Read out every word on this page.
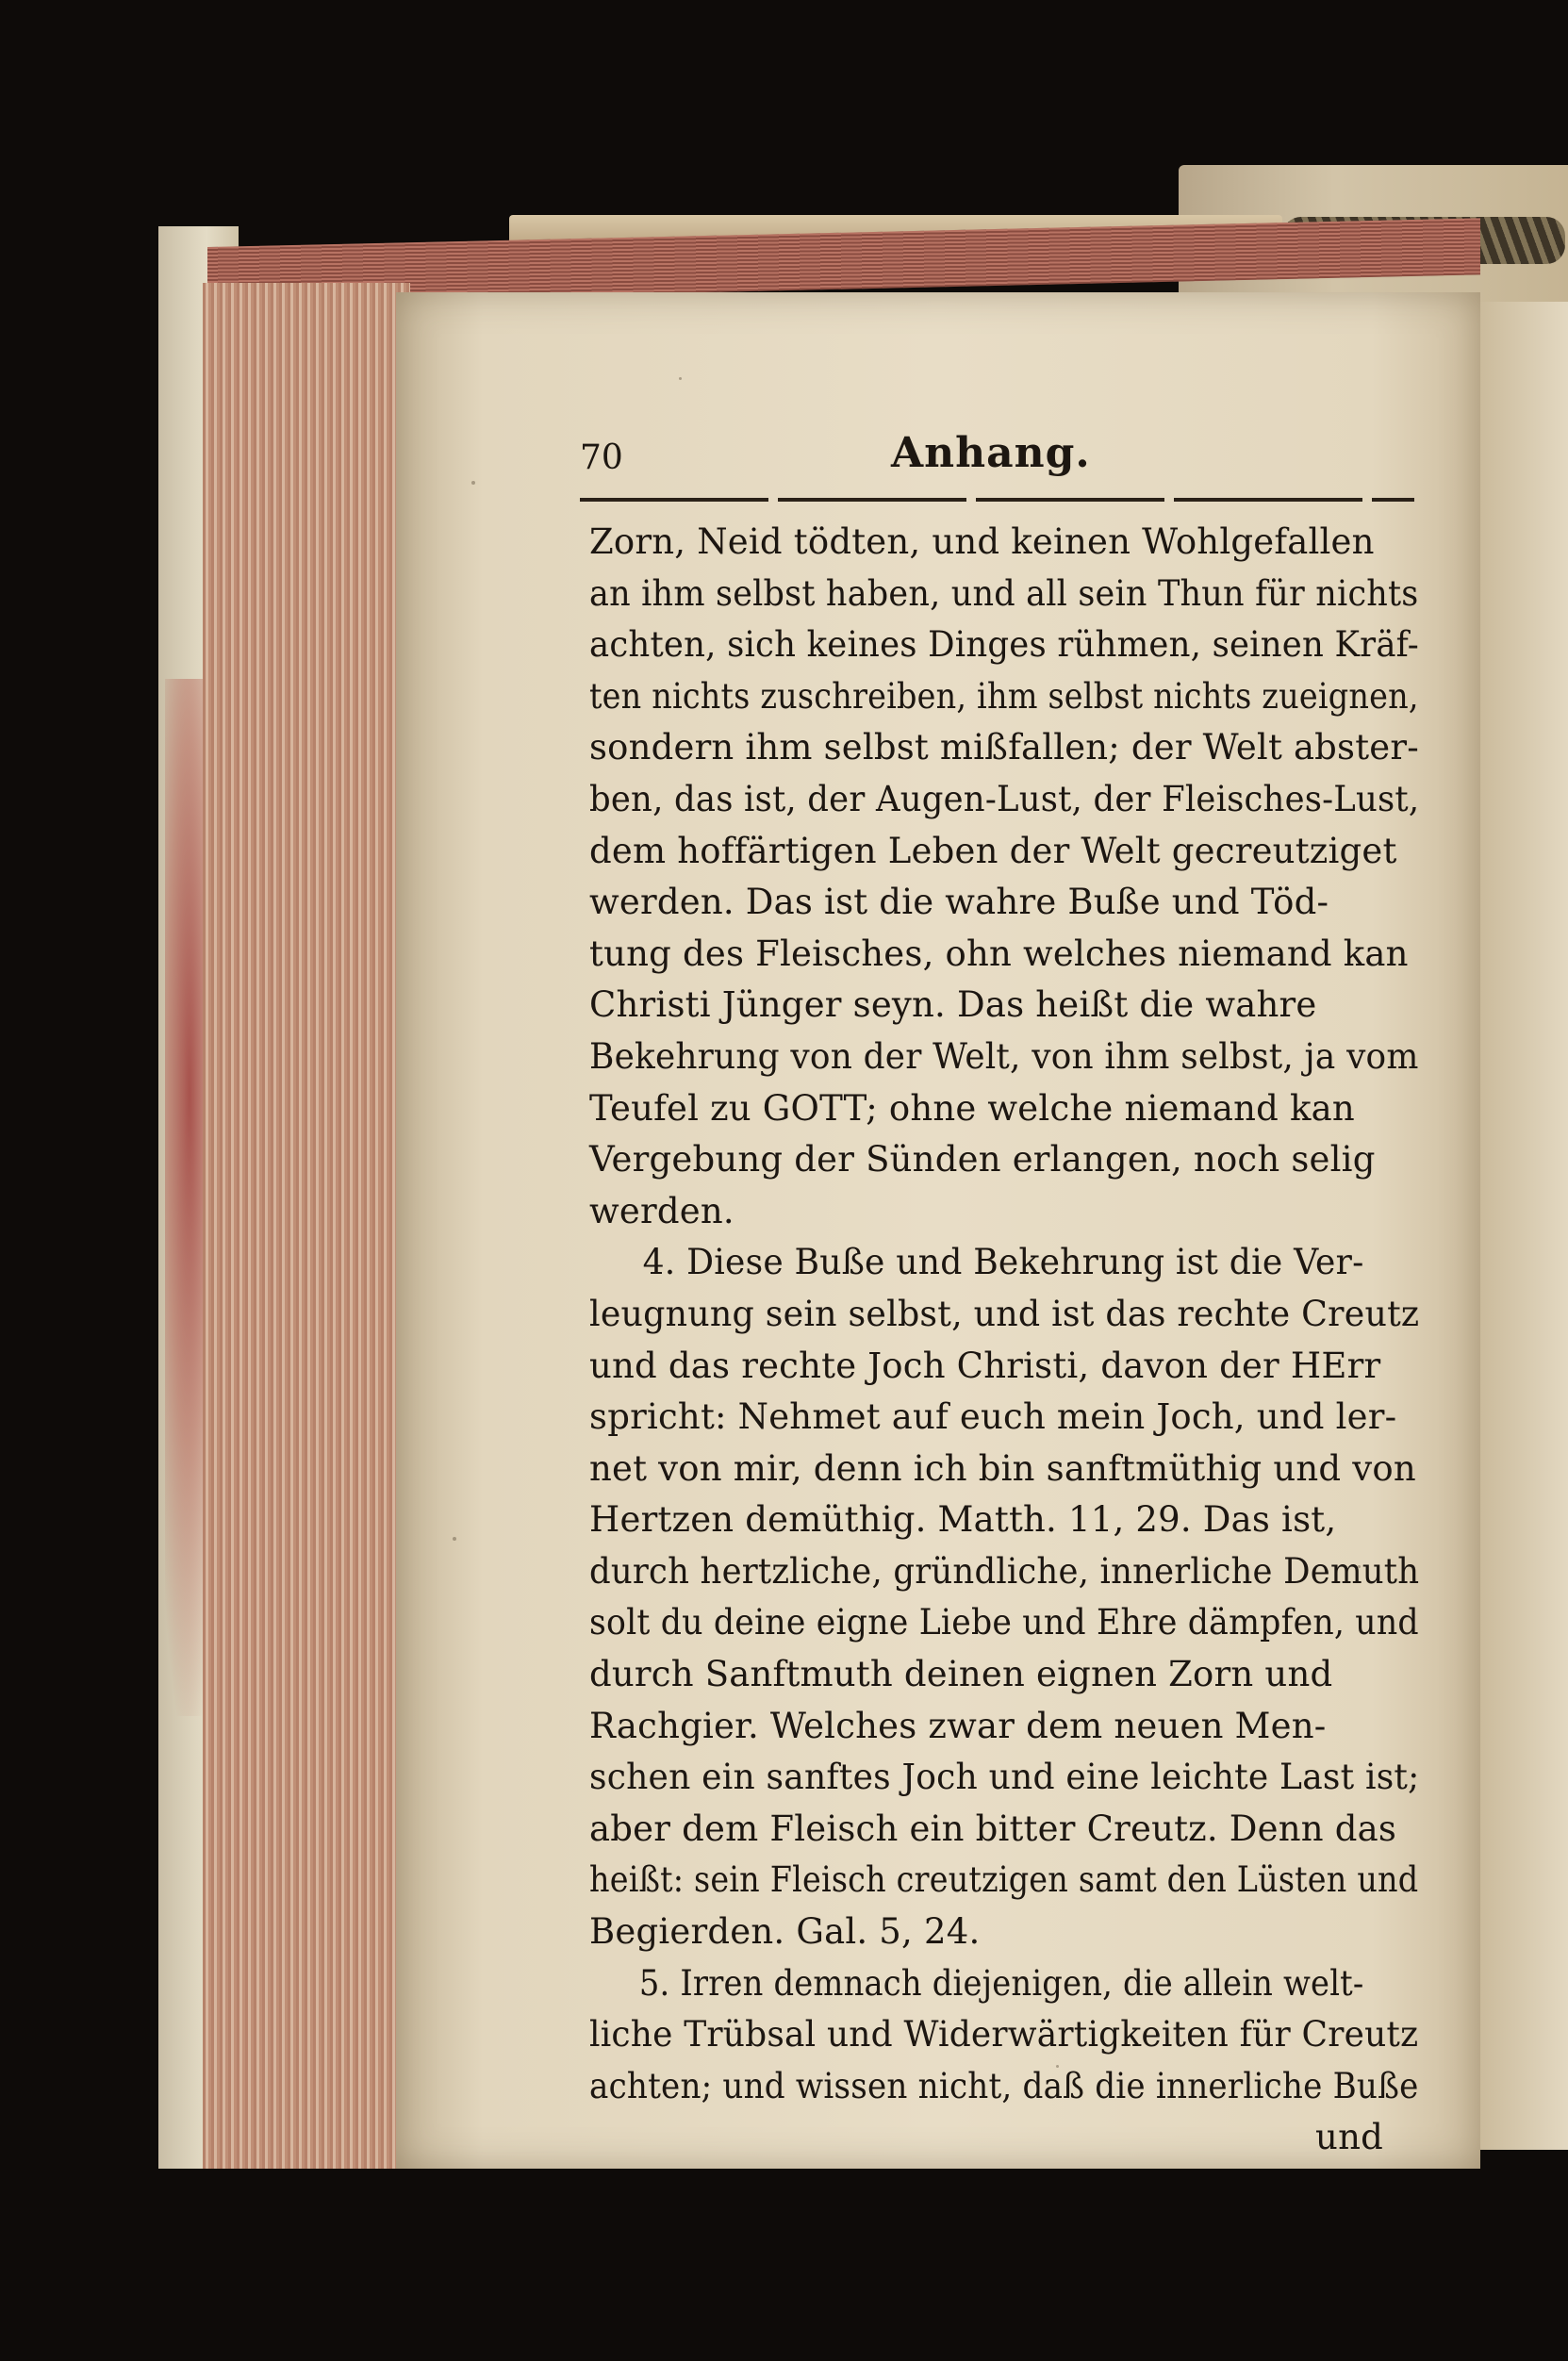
70	Anhang.
Zorn, Neid tödten, und keinen Wohlgefallen
an ihm selbst haben, und all sein Thun für nichts
achten, sich keines Dinges rühmen, seinen Kräf-
ten nichts zuschreiben, ihm selbst nichts zueignen,
sondern ihm selbst mißfallen; der Welt abster-
ben, das ist, der Augen-Lust, der Fleisches-Lust,
dem hoffärtigen Leben der Welt gecreutziget
werden. Das ist die wahre Buße und Töd-
tung des Fleisches, ohn welches niemand kan
Christi Jünger seyn. Das heißt die wahre
Bekehrung von der Welt, von ihm selbst, ja vom
Teufel zu GOTT; ohne welche niemand kan
Vergebung der Sünden erlangen, noch selig
werden.
4. Diese Buße und Bekehrung ist die Ver-
leugnung sein selbst, und ist das rechte Creutz
und das rechte Joch Christi, davon der HErr
spricht: Nehmet auf euch mein Joch, und ler-
net von mir, denn ich bin sanftmüthig und von
Hertzen demüthig. Matth. 11, 29. Das ist,
durch hertzliche, gründliche, innerliche Demuth
solt du deine eigne Liebe und Ehre dämpfen, und
durch Sanftmuth deinen eignen Zorn und
Rachgier. Welches zwar dem neuen Men-
schen ein sanftes Joch und eine leichte Last ist;
aber dem Fleisch ein bitter Creutz. Denn das
heißt: sein Fleisch creutzigen samt den Lüsten und
Begierden. Gal. 5, 24.
5. Irren demnach diejenigen, die allein welt-
liche Trübsal und Widerwärtigkeiten für Creutz
achten; und wissen nicht, daß die innerliche Buße
und
